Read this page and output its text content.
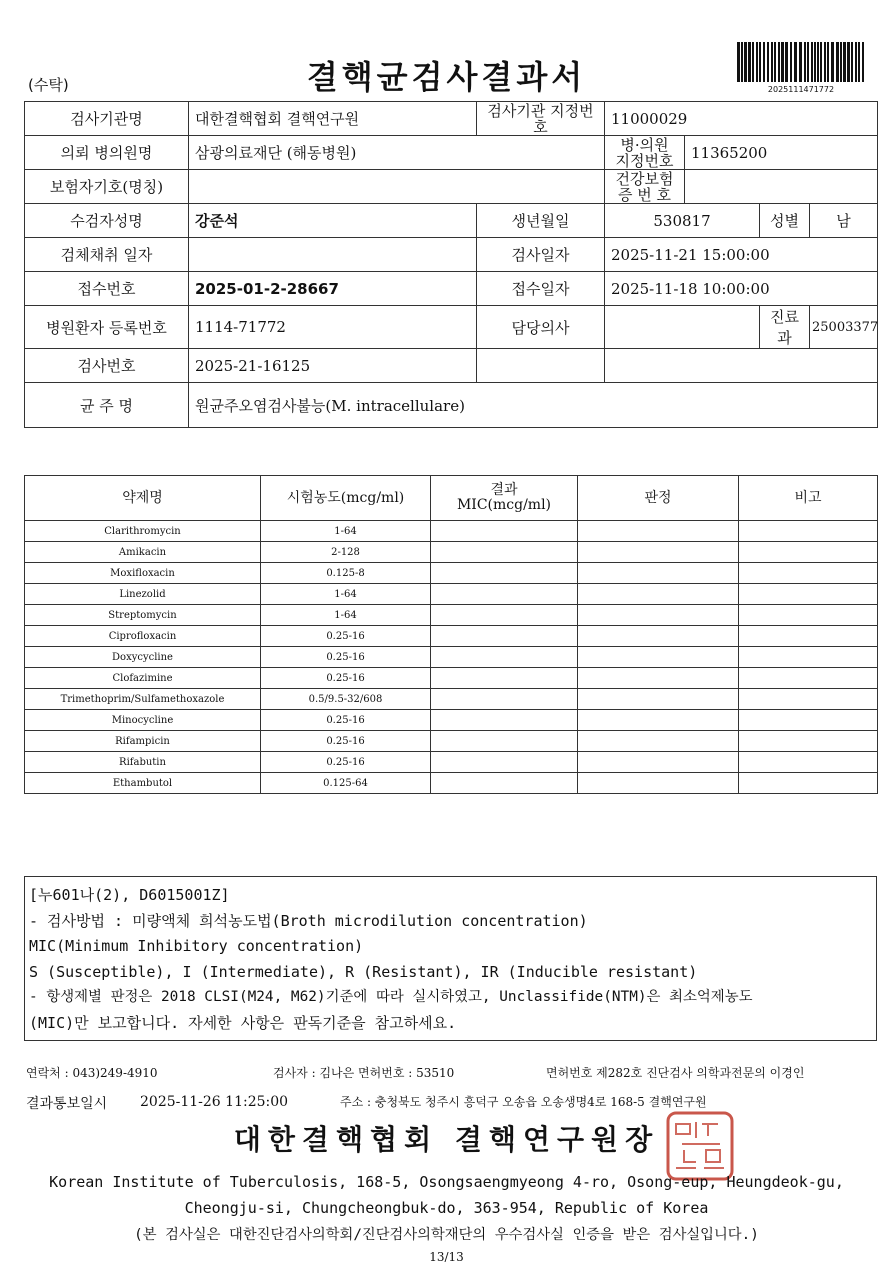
(수탁)	결핵균검사결과서	2025111471772
검사기관명	대한결핵협회 결핵연구원	검사기관 지정번호	11000029			
의뢰 병의원명	삼광의료재단 (해동병원)		병·의원 지정번호	11365200		
보험자기호(명칭)			건강보험 증 번 호			
수검자성명	강준석	생년월일	530817		성별	남
검체채취 일자		검사일자	2025-11-21 15:00:00			
접수번호	2025-01-2-28667	접수일자	2025-11-18 10:00:00			
병원환자 등록번호	1114-71772	담당의사			진료과	25003377
검사번호	2025-21-16125					
균 주 명	원균주오염검사불능(M. intracellulare)					
약제명	시험농도(mcg/ml)	결과 MIC(mcg/ml)	판정	비고
Clarithromycin	1-64			
Amikacin	2-128			
Moxifloxacin	0.125-8			
Linezolid	1-64			
Streptomycin	1-64			
Ciprofloxacin	0.25-16			
Doxycycline	0.25-16			
Clofazimine	0.25-16			
Trimethoprim/Sulfamethoxazole	0.5/9.5-32/608			
Minocycline	0.25-16			
Rifampicin	0.25-16			
Rifabutin	0.25-16			
Ethambutol	0.125-64			
[누601나(2), D6015001Z]
- 검사방법 : 미량액체 희석농도법(Broth microdilution concentration)
MIC(Minimum Inhibitory concentration)
S (Susceptible), I (Intermediate), R (Resistant), IR (Inducible resistant)
- 항생제별 판정은 2018 CLSI(M24, M62)기준에 따라 실시하였고, Unclassifide(NTM)은 최소억제농도
(MIC)만 보고합니다. 자세한 사항은 판독기준을 참고하세요.
연락처 : 043)249-4910	검사자 : 김나은 면허번호 : 53510	면허번호 제282호 진단검사 의학과전문의 이경인
결과통보일시 2025-11-26 11:25:00	주소 : 충청북도 청주시 흥덕구 오송읍 오송생명4로 168-5 결핵연구원
대한결핵협회 결핵연구원장
Korean Institute of Tuberculosis, 168-5, Osongsaengmyeong 4-ro, Osong-eup, Heungdeok-gu,
Cheongju-si, Chungcheongbuk-do, 363-954, Republic of Korea
(본 검사실은 대한진단검사의학회/진단검사의학재단의 우수검사실 인증을 받은 검사실입니다.)
13/13
